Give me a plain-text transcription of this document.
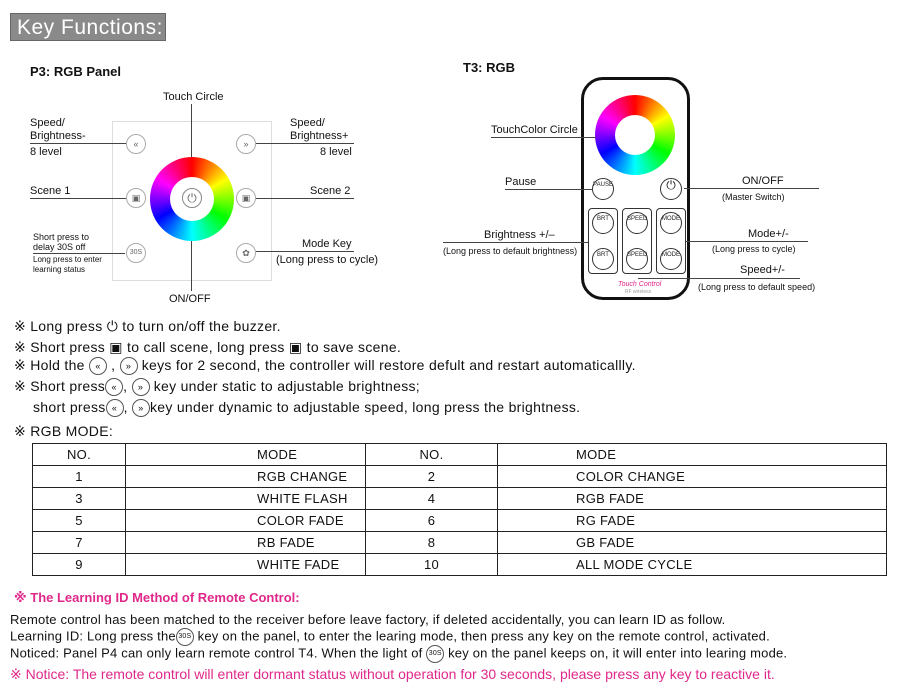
Key Functions:
P3: RGB Panel
Touch Circle
Speed/
Brightness-
8 level
Speed/
Brightness+
8 level
«	»
Scene 1
▣
Scene 2
▣
⏻
ON/OFF
Short press to
delay 30S off
Long press to enter
learning status
30S
Mode Key
(Long press to cycle)
✿
T3: RGB
TouchColor Circle
Pause	PAUSE	⏻	ON/OFF
(Master Switch)
BRT
BRT
SPEED
SPEED
MODE
MODE
Brightness +/–
(Long press to default brightness)
Mode+/-
(Long press to cycle)
Speed+/-
(Long press to default speed)
Touch Control
RF wireless

※ Long press ⏻ to turn on/off the buzzer.

※ Short press ▣ to call scene, long press ▣ to save scene.

※ Hold the « , » keys for 2 second, the controller will restore defult and restart automaticallly.

※ Short press « , » key under static to adjustable brightness;

short press « , » key under dynamic to adjustable speed, long press the brightness.

※ RGB MODE:

NO.	MODE	NO.	MODE
1	RGB CHANGE	2	COLOR CHANGE
3	WHITE FLASH	4	RGB FADE
5	COLOR FADE	6	RG FADE
7	RB FADE	8	GB FADE
9	WHITE FADE	10	ALL MODE CYCLE
※ The Learning ID Method of Remote Control:
Remote control has been matched to the receiver before leave factory, if deleted accidentally, you can learn ID as follow.
Learning ID: Long press the 30S key on the panel, to enter the learing mode, then press any key on the remote control, activated.
Noticed: Panel P4 can only learn remote control T4. When the light of 30S key on the panel keeps on, it will enter into learing mode.
※ Notice: The remote control will enter dormant status without operation for 30 seconds, please press any key to reactive it.
